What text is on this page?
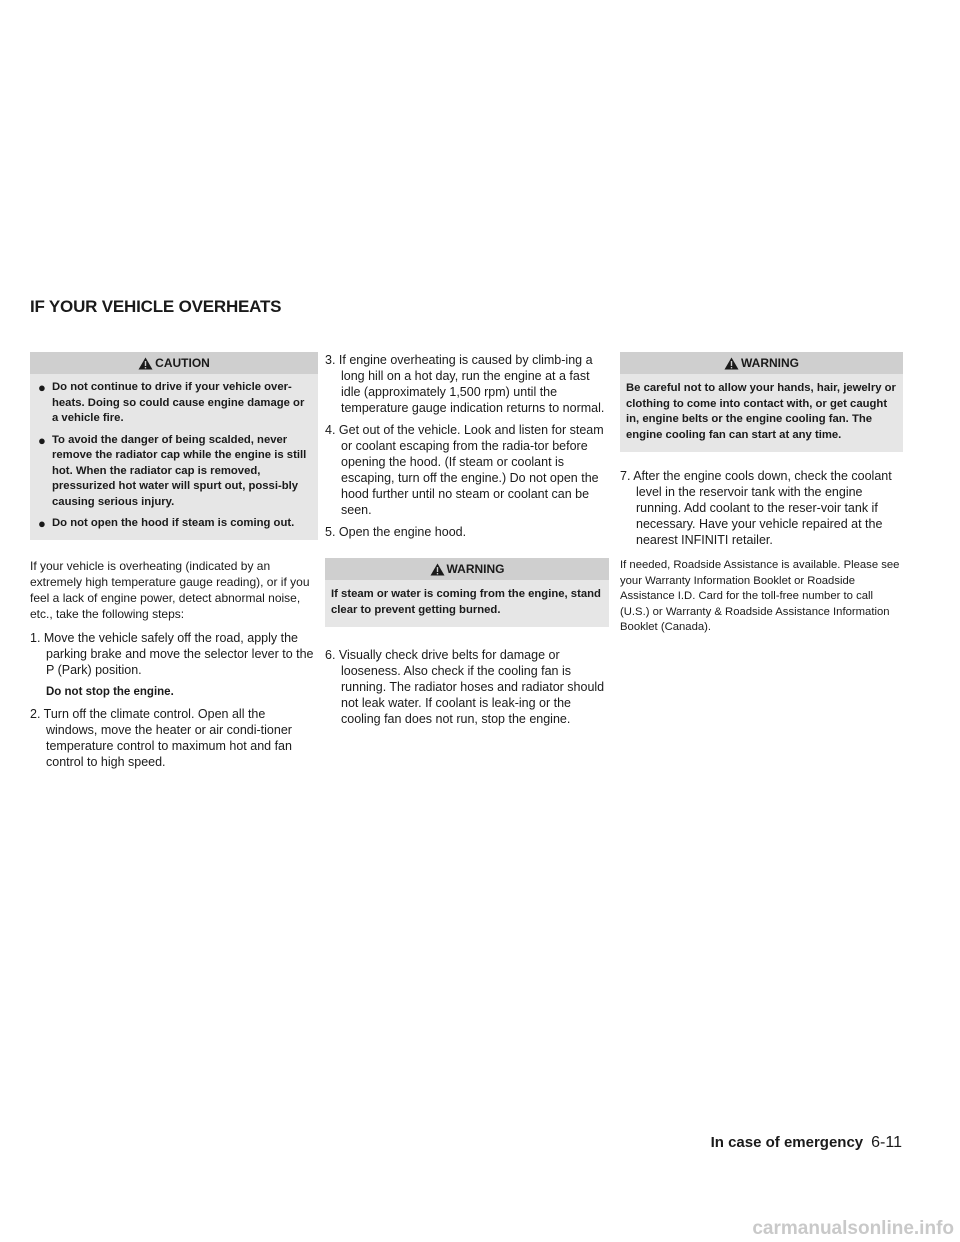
IF YOUR VEHICLE OVERHEATS
CAUTION
● Do not continue to drive if your vehicle over-heats. Doing so could cause engine damage or a vehicle fire.
● To avoid the danger of being scalded, never remove the radiator cap while the engine is still hot. When the radiator cap is removed, pressurized hot water will spurt out, possi-bly causing serious injury.
● Do not open the hood if steam is coming out.

If your vehicle is overheating (indicated by an extremely high temperature gauge reading), or if you feel a lack of engine power, detect abnormal noise, etc., take the following steps:

1. Move the vehicle safely off the road, apply the parking brake and move the selector lever to the P (Park) position.

Do not stop the engine.

2. Turn off the climate control. Open all the windows, move the heater or air condi-tioner temperature control to maximum hot and fan control to high speed.

3. If engine overheating is caused by climb-ing a long hill on a hot day, run the engine at a fast idle (approximately 1,500 rpm) until the temperature gauge indication returns to normal.

4. Get out of the vehicle. Look and listen for steam or coolant escaping from the radia-tor before opening the hood. (If steam or coolant is escaping, turn off the engine.) Do not open the hood further until no steam or coolant can be seen.

5. Open the engine hood.

WARNING
If steam or water is coming from the engine, stand clear to prevent getting burned.

6. Visually check drive belts for damage or looseness. Also check if the cooling fan is running. The radiator hoses and radiator should not leak water. If coolant is leak-ing or the cooling fan does not run, stop the engine.

WARNING
Be careful not to allow your hands, hair, jewelry or clothing to come into contact with, or get caught in, engine belts or the engine cooling fan. The engine cooling fan can start at any time.

7. After the engine cools down, check the coolant level in the reservoir tank with the engine running. Add coolant to the reser-voir tank if necessary. Have your vehicle repaired at the nearest INFINITI retailer.

If needed, Roadside Assistance is available. Please see your Warranty Information Booklet or Roadside Assistance I.D. Card for the toll-free number to call (U.S.) or Warranty & Roadside Assistance Information Booklet (Canada).

In case of emergency 6-11
carmanualsonline.info
